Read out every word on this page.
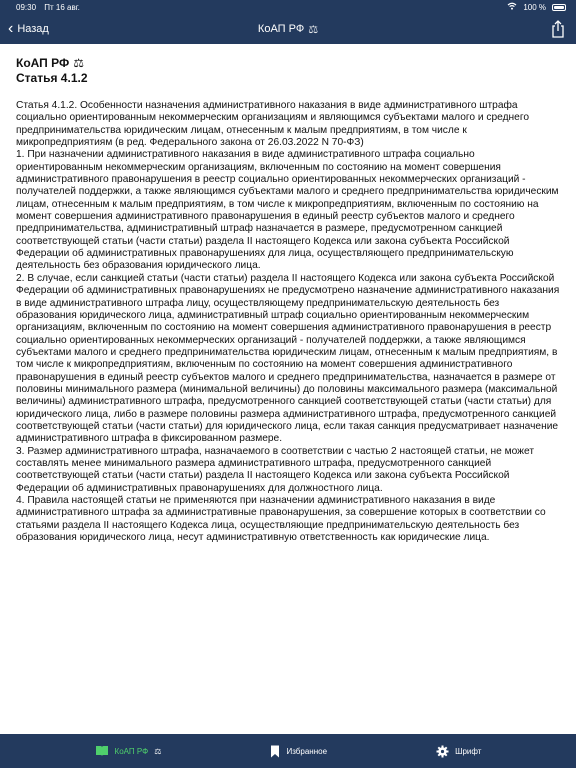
09:30 Пт 16 авг.	100 %
‹ Назад	КоАП РФ ⚖
КоАП РФ ⚖
Статья 4.1.2

Статья 4.1.2. Особенности назначения административного наказания в виде административного штрафа социально ориентированным некоммерческим организациям и являющимся субъектами малого и среднего предпринимательства юридическим лицам, отнесенным к малым предприятиям, в том числе к микропредприятиям (в ред. Федерального закона от 26.03.2022 N 70-ФЗ)

1. При назначении административного наказания в виде административного штрафа социально ориентированным некоммерческим организациям, включенным по состоянию на момент совершения административного правонарушения в реестр социально ориентированных некоммерческих организаций - получателей поддержки, а также являющимся субъектами малого и среднего предпринимательства юридическим лицам, отнесенным к малым предприятиям, в том числе к микропредприятиям, включенным по состоянию на момент совершения административного правонарушения в единый реестр субъектов малого и среднего предпринимательства, административный штраф назначается в размере, предусмотренном санкцией соответствующей статьи (части статьи) раздела II настоящего Кодекса или закона субъекта Российской Федерации об административных правонарушениях для лица, осуществляющего предпринимательскую деятельность без образования юридического лица.

2. В случае, если санкцией статьи (части статьи) раздела II настоящего Кодекса или закона субъекта Российской Федерации об административных правонарушениях не предусмотрено назначение административного наказания в виде административного штрафа лицу, осуществляющему предпринимательскую деятельность без образования юридического лица, административный штраф социально ориентированным некоммерческим организациям, включенным по состоянию на момент совершения административного правонарушения в реестр социально ориентированных некоммерческих организаций - получателей поддержки, а также являющимся субъектами малого и среднего предпринимательства юридическим лицам, отнесенным к малым предприятиям, в том числе к микропредприятиям, включенным по состоянию на момент совершения административного правонарушения в единый реестр субъектов малого и среднего предпринимательства, назначается в размере от половины минимального размера (минимальной величины) до половины максимального размера (максимальной величины) административного штрафа, предусмотренного санкцией соответствующей статьи (части статьи) для юридического лица, либо в размере половины размера административного штрафа, предусмотренного санкцией соответствующей статьи (части статьи) для юридического лица, если такая санкция предусматривает назначение административного штрафа в фиксированном размере.

3. Размер административного штрафа, назначаемого в соответствии с частью 2 настоящей статьи, не может составлять менее минимального размера административного штрафа, предусмотренного санкцией соответствующей статьи (части статьи) раздела II настоящего Кодекса или закона субъекта Российской Федерации об административных правонарушениях для должностного лица.

4. Правила настоящей статьи не применяются при назначении административного наказания в виде административного штрафа за административные правонарушения, за совершение которых в соответствии со статьями раздела II настоящего Кодекса лица, осуществляющие предпринимательскую деятельность без образования юридического лица, несут административную ответственность как юридические лица.

КоАП РФ ⚖	Избранное	Шрифт
